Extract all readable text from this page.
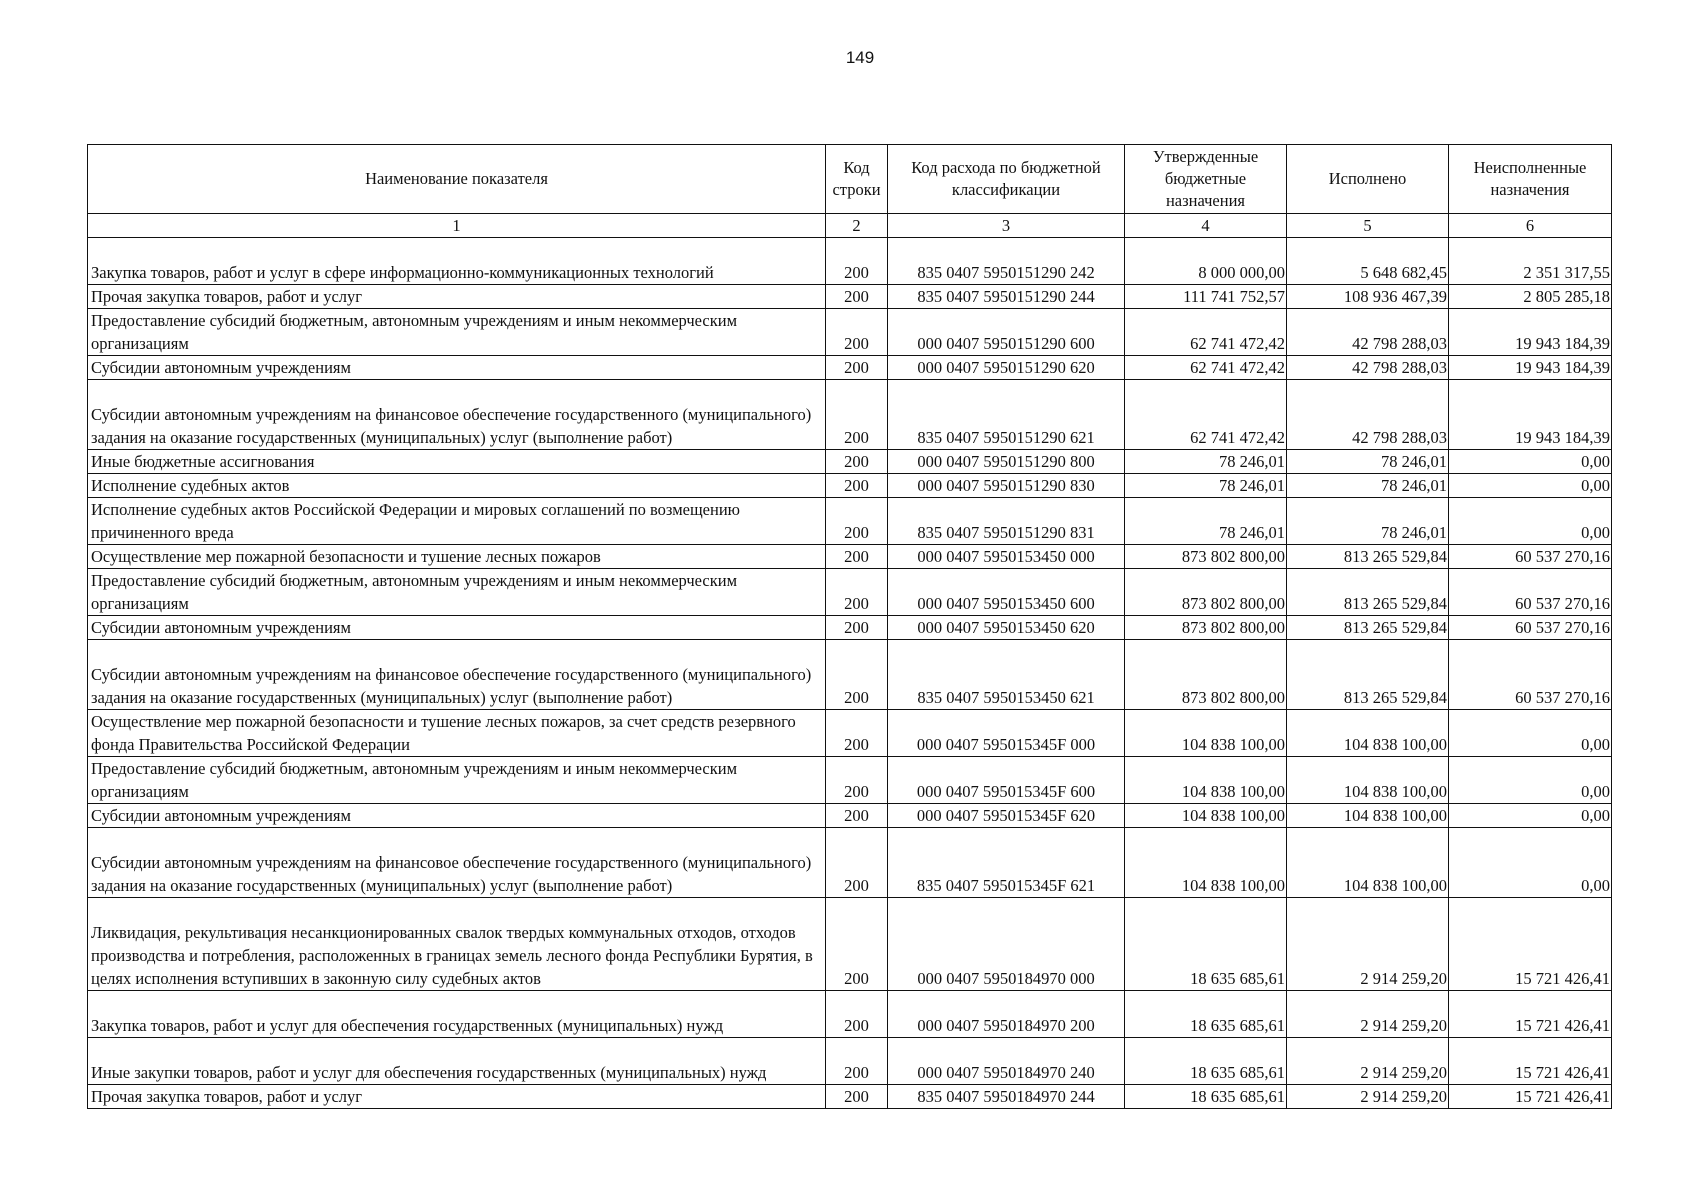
149
Наименование показателя	Код строки	Код расхода по бюджетной классификации	Утвержденные бюджетные назначения	Исполнено	Неисполненные назначения
1	2	3	4	5	6
Закупка товаров, работ и услуг в сфере информационно-коммуникационных технологий	200	835 0407 5950151290 242	8 000 000,00	5 648 682,45	2 351 317,55
Прочая закупка товаров, работ и услуг	200	835 0407 5950151290 244	111 741 752,57	108 936 467,39	2 805 285,18
Предоставление субсидий бюджетным, автономным учреждениям и иным некоммерческим организациям	200	000 0407 5950151290 600	62 741 472,42	42 798 288,03	19 943 184,39
Субсидии автономным учреждениям	200	000 0407 5950151290 620	62 741 472,42	42 798 288,03	19 943 184,39
Субсидии автономным учреждениям на финансовое обеспечение государственного (муниципального) задания на оказание государственных (муниципальных) услуг (выполнение работ)	200	835 0407 5950151290 621	62 741 472,42	42 798 288,03	19 943 184,39
Иные бюджетные ассигнования	200	000 0407 5950151290 800	78 246,01	78 246,01	0,00
Исполнение судебных актов	200	000 0407 5950151290 830	78 246,01	78 246,01	0,00
Исполнение судебных актов Российской Федерации и мировых соглашений по возмещению причиненного вреда	200	835 0407 5950151290 831	78 246,01	78 246,01	0,00
Осуществление мер пожарной безопасности и тушение лесных пожаров	200	000 0407 5950153450 000	873 802 800,00	813 265 529,84	60 537 270,16
Предоставление субсидий бюджетным, автономным учреждениям и иным некоммерческим организациям	200	000 0407 5950153450 600	873 802 800,00	813 265 529,84	60 537 270,16
Субсидии автономным учреждениям	200	000 0407 5950153450 620	873 802 800,00	813 265 529,84	60 537 270,16
Субсидии автономным учреждениям на финансовое обеспечение государственного (муниципального) задания на оказание государственных (муниципальных) услуг (выполнение работ)	200	835 0407 5950153450 621	873 802 800,00	813 265 529,84	60 537 270,16
Осуществление мер пожарной безопасности и тушение лесных пожаров, за счет средств резервного фонда Правительства Российской Федерации	200	000 0407 595015345F 000	104 838 100,00	104 838 100,00	0,00
Предоставление субсидий бюджетным, автономным учреждениям и иным некоммерческим организациям	200	000 0407 595015345F 600	104 838 100,00	104 838 100,00	0,00
Субсидии автономным учреждениям	200	000 0407 595015345F 620	104 838 100,00	104 838 100,00	0,00
Субсидии автономным учреждениям на финансовое обеспечение государственного (муниципального) задания на оказание государственных (муниципальных) услуг (выполнение работ)	200	835 0407 595015345F 621	104 838 100,00	104 838 100,00	0,00
Ликвидация, рекультивация несанкционированных свалок твердых коммунальных отходов, отходов производства и потребления, расположенных в границах земель лесного фонда Республики Бурятия, в целях исполнения вступивших в законную силу судебных актов	200	000 0407 5950184970 000	18 635 685,61	2 914 259,20	15 721 426,41
Закупка товаров, работ и услуг для обеспечения государственных (муниципальных) нужд	200	000 0407 5950184970 200	18 635 685,61	2 914 259,20	15 721 426,41
Иные закупки товаров, работ и услуг для обеспечения государственных (муниципальных) нужд	200	000 0407 5950184970 240	18 635 685,61	2 914 259,20	15 721 426,41
Прочая закупка товаров, работ и услуг	200	835 0407 5950184970 244	18 635 685,61	2 914 259,20	15 721 426,41
